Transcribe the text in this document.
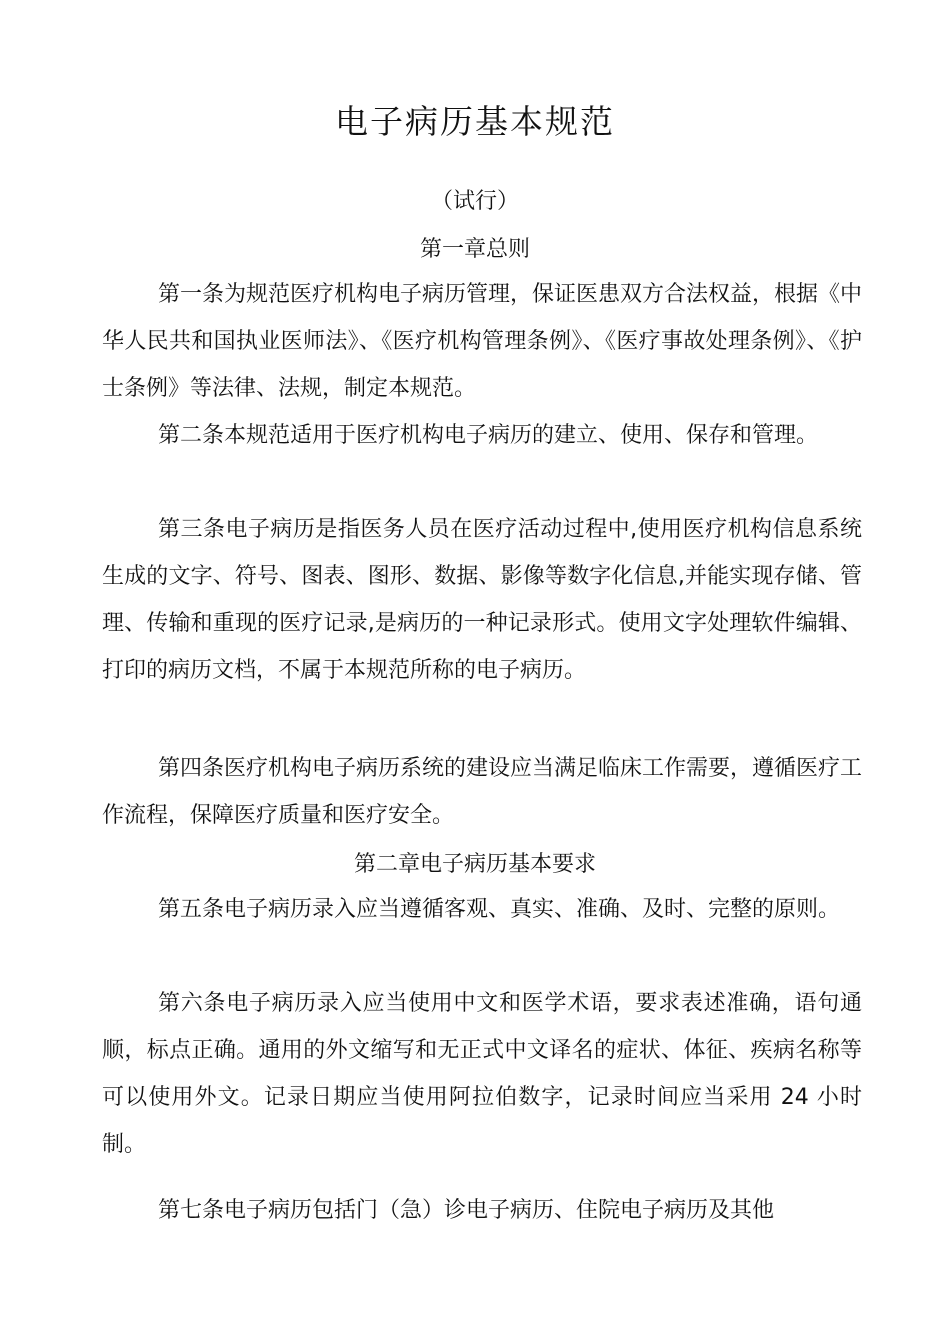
电子病历基本规范

（试行）

第一章总则

第一条为规范医疗机构电子病历管理，保证医患双方合法权益，根据《中华人民共和国执业医师法》、《医疗机构管理条例》、《医疗事故处理条例》、《护士条例》等法律、法规，制定本规范。

第二条本规范适用于医疗机构电子病历的建立、使用、保存和管理。

第三条电子病历是指医务人员在医疗活动过程中,使用医疗机构信息系统生成的文字、符号、图表、图形、数据、影像等数字化信息,并能实现存储、管理、传输和重现的医疗记录,是病历的一种记录形式。使用文字处理软件编辑、打印的病历文档，不属于本规范所称的电子病历。

第四条医疗机构电子病历系统的建设应当满足临床工作需要，遵循医疗工作流程，保障医疗质量和医疗安全。

第二章电子病历基本要求

第五条电子病历录入应当遵循客观、真实、准确、及时、完整的原则。

第六条电子病历录入应当使用中文和医学术语，要求表述准确，语句通顺，标点正确。通用的外文缩写和无正式中文译名的症状、体征、疾病名称等可以使用外文。记录日期应当使用阿拉伯数字，记录时间应当采用 24 小时制。

第七条电子病历包括门（急）诊电子病历、住院电子病历及其他
